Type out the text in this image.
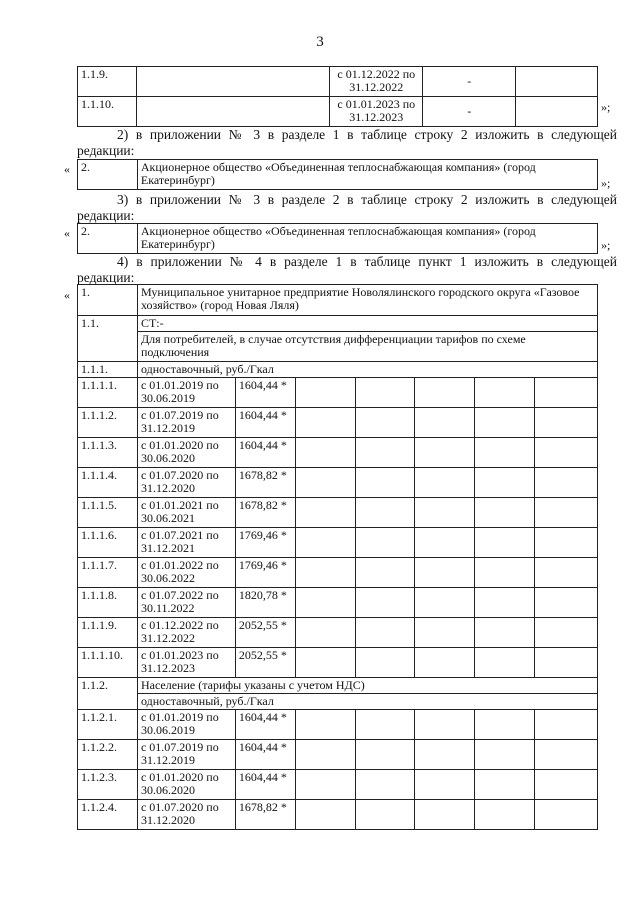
3
1.1.9.		с 01.12.2022 по 31.12.2022	-	
1.1.10.		с 01.01.2023 по 31.12.2023	-		»;
2) в приложении № 3 в разделе 1 в таблице строку 2 изложить в следующей
редакции:
« 2.	Акционерное общество «Объединенная теплоснабжающая компания» (город Екатеринбург)	»;
3) в приложении № 3 в разделе 2 в таблице строку 2 изложить в следующей
редакции:
« 2.	Акционерное общество «Объединенная теплоснабжающая компания» (город Екатеринбург)	»;
4) в приложении № 4 в разделе 1 в таблице пункт 1 изложить в следующей
редакции:
« 1.	Муниципальное унитарное предприятие Новолялинского городского округа «Газовое хозяйство» (город Новая Ляля)						
1.1.	СТ:-						
	Для потребителей, в случае отсутствия дифференциации тарифов по схеме подключения						
1.1.1.	одноставочный, руб./Гкал						
1.1.1.1.	с 01.01.2019 по 30.06.2019	1604,44 *					
1.1.1.2.	с 01.07.2019 по 31.12.2019	1604,44 *					
1.1.1.3.	с 01.01.2020 по 30.06.2020	1604,44 *					
1.1.1.4.	с 01.07.2020 по 31.12.2020	1678,82 *					
1.1.1.5.	с 01.01.2021 по 30.06.2021	1678,82 *					
1.1.1.6.	с 01.07.2021 по 31.12.2021	1769,46 *					
1.1.1.7.	с 01.01.2022 по 30.06.2022	1769,46 *					
1.1.1.8.	с 01.07.2022 по 30.11.2022	1820,78 *					
1.1.1.9.	с 01.12.2022 по 31.12.2022	2052,55 *					
1.1.1.10.	с 01.01.2023 по 31.12.2023	2052,55 *					
1.1.2.	Население (тарифы указаны с учетом НДС)						
	одноставочный, руб./Гкал						
1.1.2.1.	с 01.01.2019 по 30.06.2019	1604,44 *					
1.1.2.2.	с 01.07.2019 по 31.12.2019	1604,44 *					
1.1.2.3.	с 01.01.2020 по 30.06.2020	1604,44 *					
1.1.2.4.	с 01.07.2020 по 31.12.2020	1678,82 *					
